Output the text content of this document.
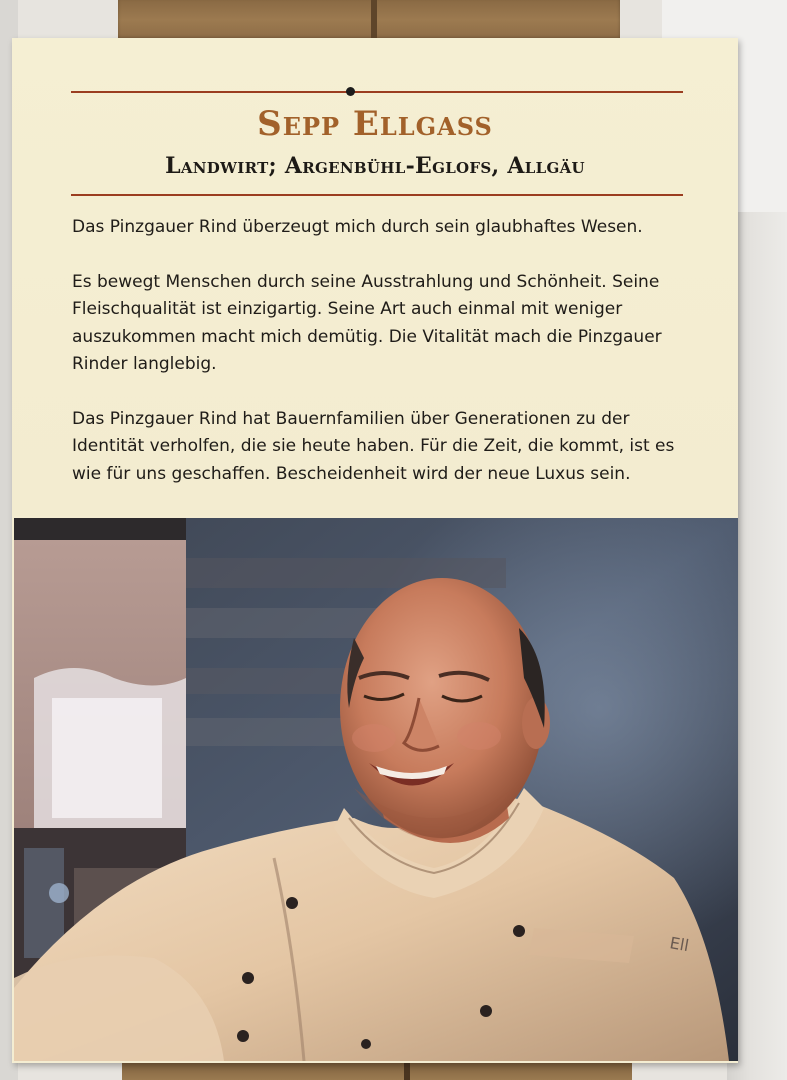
Sepp Ellgass
Landwirt; Argenbühl-Eglofs, Allgäu

Das Pinzgauer Rind überzeugt mich durch sein glaubhaftes Wesen.

Es bewegt Menschen durch seine Ausstrahlung und Schönheit. Seine Fleischqualität ist einzigartig. Seine Art auch einmal mit weniger auszukommen macht mich demütig. Die Vitalität mach die Pinzgauer Rinder langlebig.

Das Pinzgauer Rind hat Bauernfamilien über Generationen zu der Identität verholfen, die sie heute haben. Für die Zeit, die kommt, ist es wie für uns geschaffen. Bescheidenheit wird der neue Luxus sein.

Ell
